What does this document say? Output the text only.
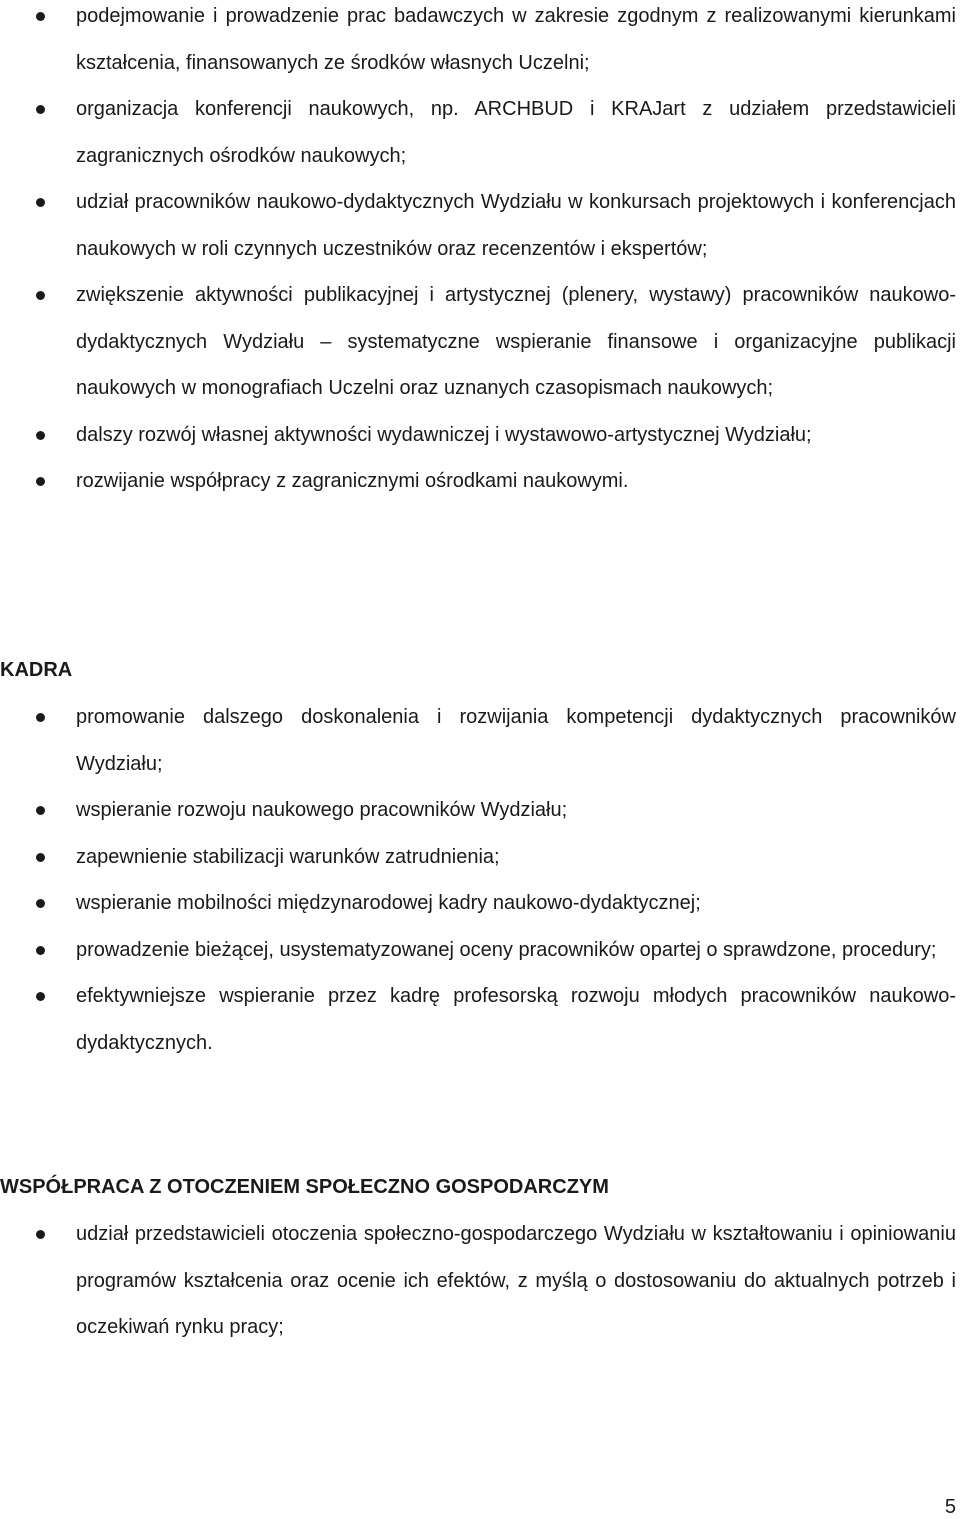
podejmowanie i prowadzenie prac badawczych w zakresie zgodnym z realizowanymi kierunkami kształcenia, finansowanych ze środków własnych Uczelni;
organizacja konferencji naukowych, np. ARCHBUD i KRAJart z udziałem przedstawicieli zagranicznych ośrodków naukowych;
udział pracowników naukowo-dydaktycznych Wydziału w konkursach projektowych i konferencjach naukowych w roli czynnych uczestników oraz recenzentów i ekspertów;
zwiększenie aktywności publikacyjnej i artystycznej (plenery, wystawy) pracowników naukowo-dydaktycznych Wydziału – systematyczne wspieranie finansowe i organizacyjne publikacji naukowych w monografiach Uczelni oraz uznanych czasopismach naukowych;
dalszy rozwój własnej aktywności wydawniczej i wystawowo-artystycznej Wydziału;
rozwijanie współpracy z zagranicznymi ośrodkami naukowymi.
KADRA
promowanie dalszego doskonalenia i rozwijania kompetencji dydaktycznych pracowników Wydziału;
wspieranie rozwoju naukowego pracowników Wydziału;
zapewnienie stabilizacji warunków zatrudnienia;
wspieranie mobilności międzynarodowej kadry naukowo-dydaktycznej;
prowadzenie bieżącej, usystematyzowanej oceny pracowników opartej o sprawdzone, procedury;
efektywniejsze wspieranie przez kadrę profesorską rozwoju młodych pracowników naukowo-dydaktycznych.
WSPÓŁPRACA Z OTOCZENIEM SPOŁECZNO GOSPODARCZYM
udział przedstawicieli otoczenia społeczno-gospodarczego Wydziału w kształtowaniu i opiniowaniu programów kształcenia oraz ocenie ich efektów, z myślą o dostosowaniu do aktualnych potrzeb i oczekiwań rynku pracy;
5
